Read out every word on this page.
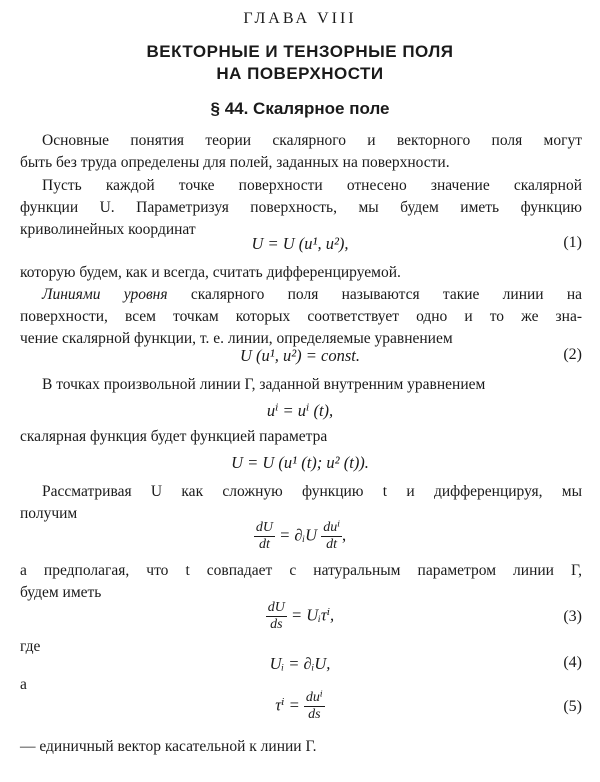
ГЛАВА VIII
ВЕКТОРНЫЕ И ТЕНЗОРНЫЕ ПОЛЯ
НА ПОВЕРХНОСТИ
§ 44. Скалярное поле
Основные понятия теории скалярного и векторного поля могут
быть без труда определены для полей, заданных на поверхности.
Пусть каждой точке поверхности отнесено значение скалярной
функции U. Параметризуя поверхность, мы будем иметь функцию
криволинейных координат
U = U (u¹, u²),	(1)
которую будем, как и всегда, считать дифференцируемой.
Линиями уровня скалярного поля называются такие линии на
поверхности, всем точкам которых соответствует одно и то же зна-
чение скалярной функции, т. е. линии, определяемые уравнением
U (u¹, u²) = const.	(2)
В точках произвольной линии Γ, заданной внутренним уравнением
uⁱ = uⁱ (t),
скалярная функция будет функцией параметра
U = U (u¹ (t); u² (t)).
Рассматривая U как сложную функцию t и дифференцируя, мы
получим
$\frac{dU}{dt}$ = ∂ᵢU $\frac{\text{duⁱ}}{dt}$ ,
а предполагая, что t совпадает с натуральным параметром линии Γ,
будем иметь
$\frac{dU}{ds}$ = Uᵢτⁱ,	(3)
где
Uᵢ = ∂ᵢU,	(4)
а
$\tau^i = \frac{\text{duⁱ}}{ds}$	(5)
— единичный вектор касательной к линии Γ.
